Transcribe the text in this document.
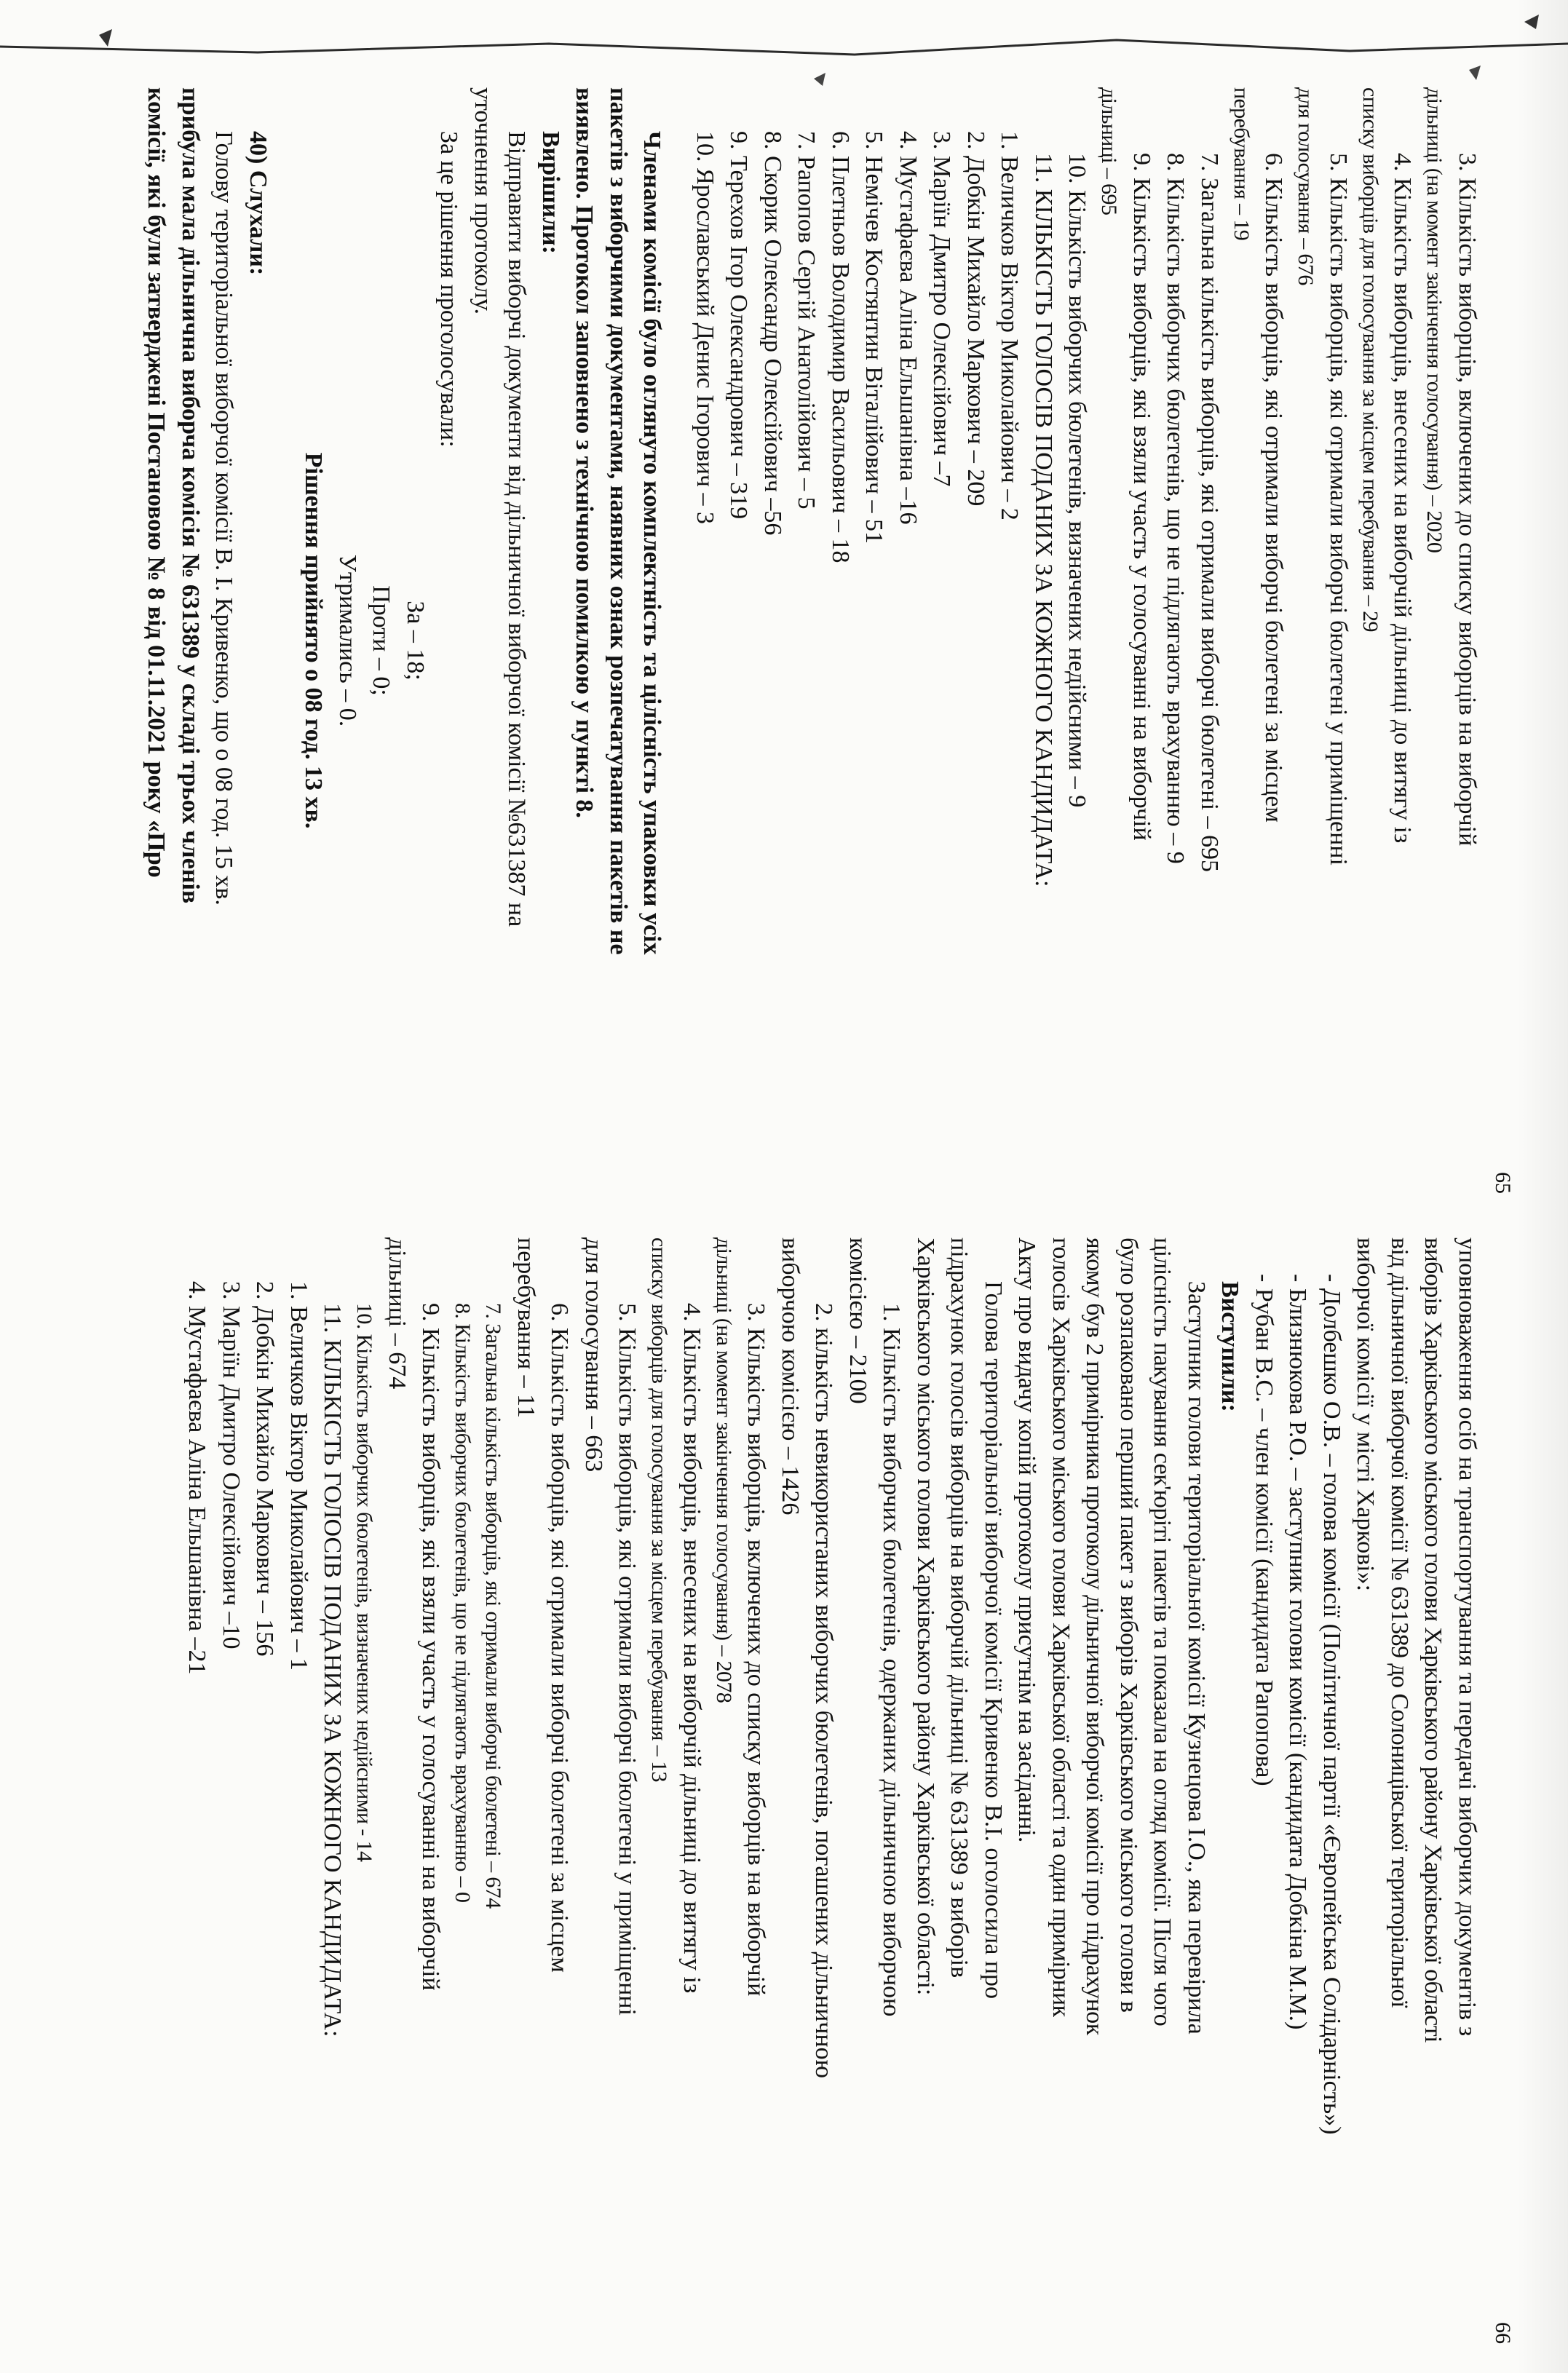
65

3. Кількість виборців, включених до списку виборців на виборчій

дільниці (на момент закінчення голосування) – 2020

4. Кількість виборців, внесених на виборчій дільниці до витягу із

списку виборців для голосування за місцем перебування – 29

5. Кількість виборців, які отримали виборчі бюлетені у приміщенні

для голосування – 676

6. Кількість виборців, які отримали виборчі бюлетені за місцем

перебування – 19

7. Загальна кількість виборців, які отримали виборчі бюлетені – 695

8. Кількість виборчих бюлетенів, що не підлягають врахуванню – 9

9. Кількість виборців, які взяли участь у голосуванні на виборчій

дільниці – 695

10. Кількість виборчих бюлетенів, визначених недійсними – 9

11. КІЛЬКІСТЬ ГОЛОСІВ ПОДАНИХ ЗА КОЖНОГО КАНДИДАТА:

1. Величков Віктор Миколайович – 2

2. Добкін Михайло Маркович – 209

3. Маріїн Дмитро Олексійович –7

4. Мустафаєва Аліна Ельшанівна –16

5. Немічев Костянтин Віталійович – 51

6. Плетньов Володимир Васильович – 18

7. Рапопов Сергій Анатолійович – 5

8. Скорик Олександр Олексійович –56

9. Терехов Ігор Олександрович – 319

10. Ярославський Денис Ігорович – 3

Членами комісії було оглянуто комплектність та цілісність упаковки усіх

пакетів з виборчими документами, наявних ознак розпечатування пакетів не

виявлено. Протокол заповнено з технічною помилкою у пункті 8.

Вирішили:

Відправити виборчі документи від дільничної виборчої комісії №631387 на

уточнення протоколу.

За це рішення проголосували:

За – 18;

Проти – 0;

Утримались – 0.

Рішення прийнято о 08 год. 13 хв.

40) Слухали:

Голову територіальної виборчої комісії В. І. Кривенко, що о 08 год. 15 хв.

прибула мала дільнична виборча комісія № 631389 у складі трьох членів

комісії, які були затверджені Постановою № 8 від 01.11.2021 року «Про

66

уповноваження осіб на транспортування та передачі виборчих документів з

виборів Харківського міського голови Харківського району Харківської області

від дільничної виборчої комісії № 631389 до Солоницівської територіальної

виборчої комісії у місті Харкові»:

- Долбешко О.В. – голова комісії (Політичної партії «Європейська Солідарність»)

- Близнюкова Р.О. – заступник голови комісії (кандидата Добкіна М.М.)

- Рубан В.С. – член комісії (кандидата Рапопова)

Виступили:

Заступник голови територіальної комісії Кузнецова І.О., яка перевірила

цілісність пакування сек'юріті пакетів та показала на огляд комісії. Після чого

було розпаковано перший пакет з виборів Харківського міського голови в

якому був 2 примірника протоколу дільничної виборчої комісії про підрахунок

голосів Харківського міського голови Харківської області та один примірник

Акту про видачу копій протоколу присутнім на засіданні.

Голова територіальної виборчої комісії Кривенко В.І. оголосила про

підрахунок голосів виборців на виборчій дільниці № 631389 з виборів

Харківського міського голови Харківського району Харківської області:

1. Кількість виборчих бюлетенів, одержаних дільничною виборчою

комісією – 2100

2. кількість невикористаних виборчих бюлетенів, погашених дільничною

виборчою комісією – 1426

3. Кількість виборців, включених до списку виборців на виборчій

дільниці (на момент закінчення голосування) – 2078

4. Кількість виборців, внесених на виборчій дільниці до витягу із

списку виборців для голосування за місцем перебування – 13

5. Кількість виборців, які отримали виборчі бюлетені у приміщенні

для голосування – 663

6. Кількість виборців, які отримали виборчі бюлетені за місцем

перебування – 11

7. Загальна кількість виборців, які отримали виборчі бюлетені – 674

8. Кількість виборчих бюлетенів, що не підлягають врахуванню – 0

9. Кількість виборців, які взяли участь у голосуванні на виборчій

дільниці – 674

10. Кількість виборчих бюлетенів, визначених недійсними - 14

11. КІЛЬКІСТЬ ГОЛОСІВ ПОДАНИХ ЗА КОЖНОГО КАНДИДАТА:

1. Величков Віктор Миколайович – 1

2. Добкін Михайло Маркович – 156

3. Маріїн Дмитро Олексійович –10

4. Мустафаєва Аліна Ельшанівна –21
